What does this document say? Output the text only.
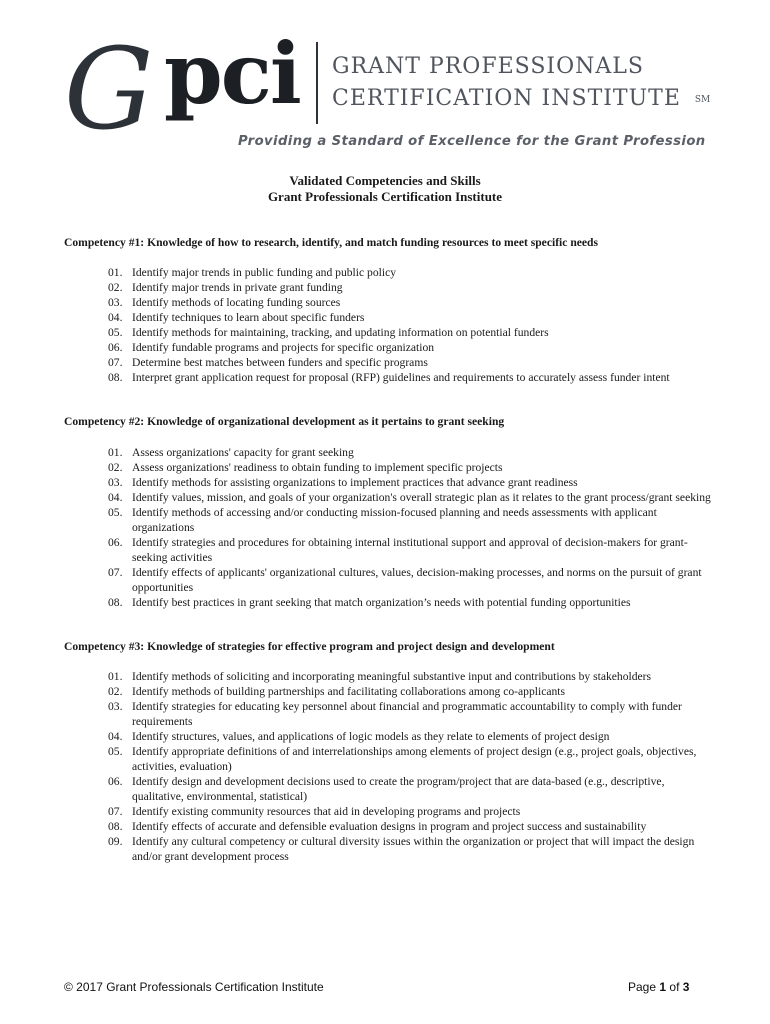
G pci GRANT PROFESSIONALS
CERTIFICATION INSTITUTE SM
Providing a Standard of Excellence for the Grant Profession
Validated Competencies and Skills
Grant Professionals Certification Institute
Competency #1: Knowledge of how to research, identify, and match funding resources to meet specific needs
01. Identify major trends in public funding and public policy
02. Identify major trends in private grant funding
03. Identify methods of locating funding sources
04. Identify techniques to learn about specific funders
05. Identify methods for maintaining, tracking, and updating information on potential funders
06. Identify fundable programs and projects for specific organization
07. Determine best matches between funders and specific programs
08. Interpret grant application request for proposal (RFP) guidelines and requirements to accurately assess funder intent
Competency #2: Knowledge of organizational development as it pertains to grant seeking
01. Assess organizations' capacity for grant seeking
02. Assess organizations' readiness to obtain funding to implement specific projects
03. Identify methods for assisting organizations to implement practices that advance grant readiness
04. Identify values, mission, and goals of your organization's overall strategic plan as it relates to the grant process/grant seeking
05. Identify methods of accessing and/or conducting mission-focused planning and needs assessments with applicant organizations
06. Identify strategies and procedures for obtaining internal institutional support and approval of decision-makers for grant-seeking activities
07. Identify effects of applicants' organizational cultures, values, decision-making processes, and norms on the pursuit of grant opportunities
08. Identify best practices in grant seeking that match organization’s needs with potential funding opportunities
Competency #3: Knowledge of strategies for effective program and project design and development
01. Identify methods of soliciting and incorporating meaningful substantive input and contributions by stakeholders
02. Identify methods of building partnerships and facilitating collaborations among co-applicants
03. Identify strategies for educating key personnel about financial and programmatic accountability to comply with funder requirements
04. Identify structures, values, and applications of logic models as they relate to elements of project design
05. Identify appropriate definitions of and interrelationships among elements of project design (e.g., project goals, objectives, activities, evaluation)
06. Identify design and development decisions used to create the program/project that are data-based (e.g., descriptive, qualitative, environmental, statistical)
07. Identify existing community resources that aid in developing programs and projects
08. Identify effects of accurate and defensible evaluation designs in program and project success and sustainability
09. Identify any cultural competency or cultural diversity issues within the organization or project that will impact the design and/or grant development process
© 2017 Grant Professionals Certification Institute	Page 1 of 3
